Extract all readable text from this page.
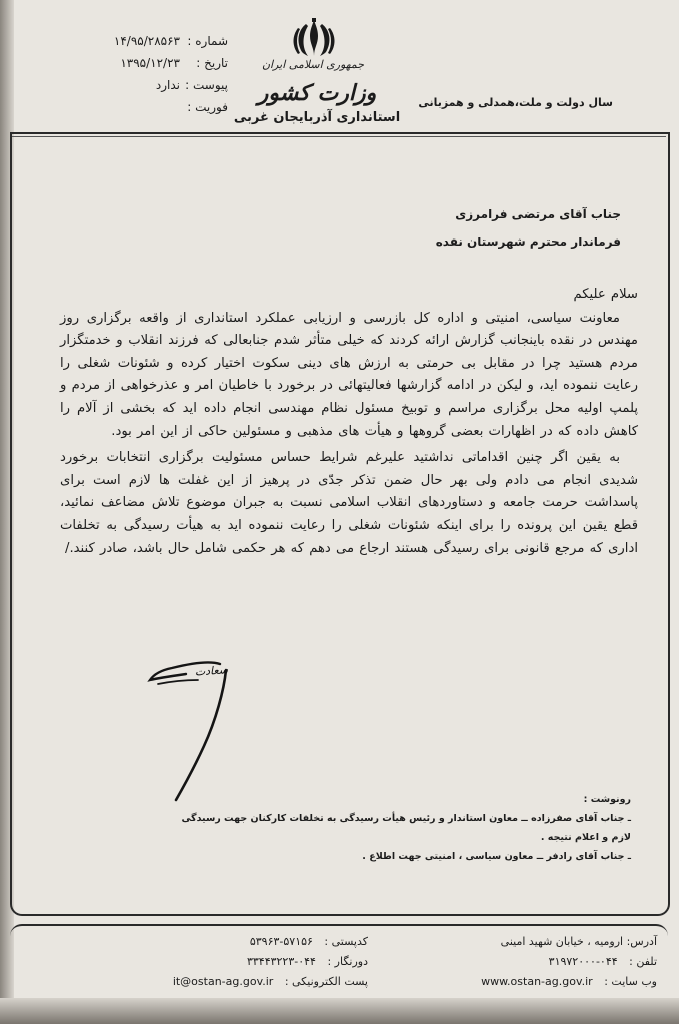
جمهوری اسلامی ایران
وزارت کشور
استانداری آذربایجان غربی
سال دولت و ملت،همدلی و همزبانی
شماره :
تاریخ :
پیوست :
فوریت :
۱۴/۹۵/۲۸۵۶۳
۱۳۹۵/۱۲/۲۳
ندارد
جناب آقای مرتضی فرامرزی
فرماندار محترم شهرستان نقده

سلام علیکم

معاونت سیاسی، امنیتی و اداره کل بازرسی و ارزیابی عملکرد استانداری از واقعه برگزاری روز مهندس در نقده باینجانب گزارش ارائه کردند که خیلی متأثر شدم جنابعالی که فرزند انقلاب و خدمتگزار مردم هستید چرا در مقابل بی حرمتی به ارزش های دینی سکوت اختیار کرده و شئونات شغلی را رعایت ننموده اید، و لیکن در ادامه گزارشها فعالیتهائی در برخورد با خاطیان امر و عذرخواهی از مردم و پلمپ اولیه محل برگزاری مراسم و توبیخ مسئول نظام مهندسی انجام داده اید که بخشی از آلام را کاهش داده که در اظهارات بعضی گروهها و هیأت های مذهبی و مسئولین حاکی از این امر بود.

به یقین اگر چنین اقداماتی نداشتید علیرغم شرایط حساس مسئولیت برگزاری انتخابات برخورد شدیدی انجام می دادم ولی بهر حال ضمن تذکر جدّی در پرهیز از این غفلت ها لازم است برای پاسداشت حرمت جامعه و دستاوردهای انقلاب اسلامی نسبت به جبران موضوع تلاش مضاعف نمائید، قطع یقین این پرونده را برای اینکه شئونات شغلی را رعایت ننموده اید به هیأت رسیدگی به تخلفات اداری که مرجع قانونی برای رسیدگی هستند ارجاع می دهم که هر حکمی شامل حال باشد، صادر کنند./

سعادت
رونوشت :
ـ جناب آقای صفرزاده ــ معاون استاندار و رئیس هیأت رسیدگی به تخلفات کارکنان جهت رسیدگی لازم و اعلام نتیجه .
ـ جناب آقای رادفر ــ معاون سیاسی ، امنیتی جهت اطلاع .
آدرس: ارومیه ، خیابان شهید امینی
تلفن : ۰۴۴-۳۱۹۷۲۰۰۰
وب سایت : www.ostan-ag.gov.ir
کدپستی : ۵۷۱۵۶-۵۳۹۶۳
دورنگار : ۰۴۴-۳۳۴۴۳۲۲۳
پست الکترونیکی : it@ostan-ag.gov.ir
